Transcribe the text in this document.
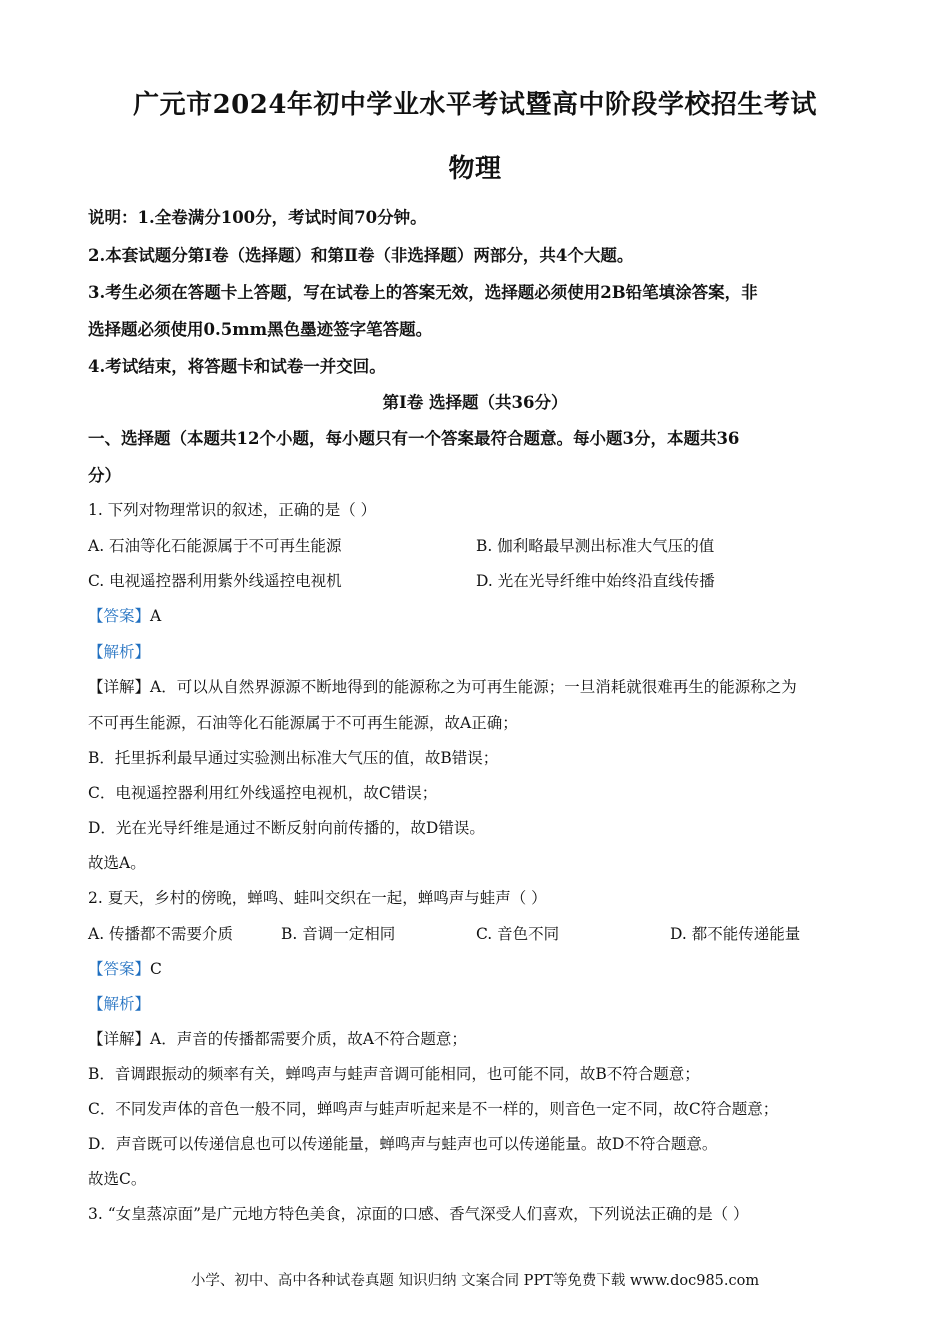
广元市2024年初中学业水平考试暨高中阶段学校招生考试
物理
说明：1.全卷满分100分，考试时间70分钟。
2.本套试题分第Ⅰ卷（选择题）和第Ⅱ卷（非选择题）两部分，共4个大题。
3.考生必须在答题卡上答题，写在试卷上的答案无效，选择题必须使用2B铅笔填涂答案，非
选择题必须使用0.5mm黑色墨迹签字笔答题。
4.考试结束，将答题卡和试卷一并交回。
第Ⅰ卷 选择题（共36分）
一、选择题（本题共12个小题，每小题只有一个答案最符合题意。每小题3分，本题共36
分）
1. 下列对物理常识的叙述，正确的是（ ）
A. 石油等化石能源属于不可再生能源	B. 伽利略最早测出标准大气压的值
C. 电视遥控器利用紫外线遥控电视机	D. 光在光导纤维中始终沿直线传播
【答案】A
【解析】
【详解】A．可以从自然界源源不断地得到的能源称之为可再生能源；一旦消耗就很难再生的能源称之为
不可再生能源，石油等化石能源属于不可再生能源，故A正确；
B．托里拆利最早通过实验测出标准大气压的值，故B错误；
C．电视遥控器利用红外线遥控电视机，故C错误；
D．光在光导纤维是通过不断反射向前传播的，故D错误。
故选A。
2. 夏天，乡村的傍晚，蝉鸣、蛙叫交织在一起，蝉鸣声与蛙声（ ）
A. 传播都不需要介质	B. 音调一定相同	C. 音色不同	D. 都不能传递能量
【答案】C
【解析】
【详解】A．声音的传播都需要介质，故A不符合题意；
B．音调跟振动的频率有关，蝉鸣声与蛙声音调可能相同，也可能不同，故B不符合题意；
C．不同发声体的音色一般不同，蝉鸣声与蛙声听起来是不一样的，则音色一定不同，故C符合题意；
D．声音既可以传递信息也可以传递能量，蝉鸣声与蛙声也可以传递能量。故D不符合题意。
故选C。
3. “女皇蒸凉面”是广元地方特色美食，凉面的口感、香气深受人们喜欢，下列说法正确的是（ ）
小学、初中、高中各种试卷真题 知识归纳 文案合同 PPT等免费下载 www.doc985.com
